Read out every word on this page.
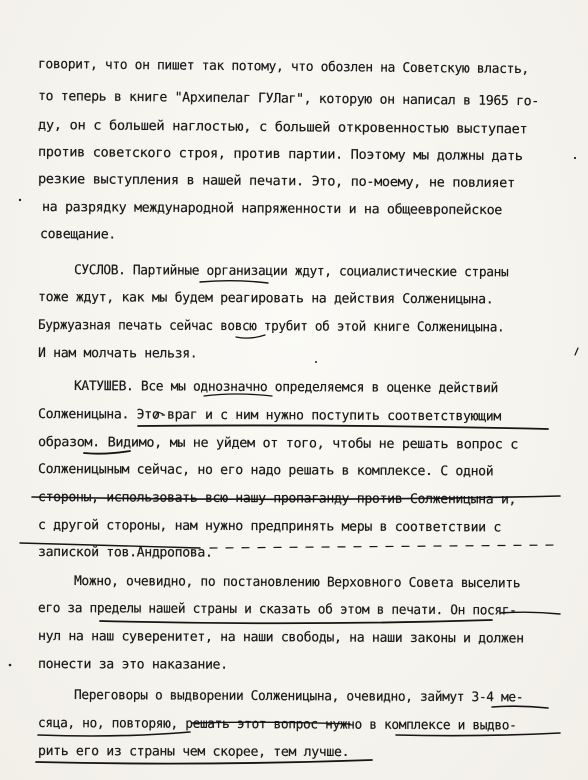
говорит, что он пишет так потому, что обозлен на Советскую власть,
то теперь в книге "Архипелаг ГУЛаг", которую он написал в 1965 го-
ду, он с большей наглостью, с большей откровенностью выступает
против советского строя, против партии. Поэтому мы должны дать
резкие выступления в нашей печати. Это, по-моему, не повлияет
на разрядку международной напряженности и на общеевропейское
совещание.
СУСЛОВ. Партийные организации ждут, социалистические страны
тоже ждут, как мы будем реагировать на действия Солженицына.
Буржуазная печать сейчас вовсю трубит об этой книге Солженицына.
И нам молчать нельзя.
КАТУШЕВ. Все мы однозначно определяемся в оценке действий
Солженицына. Это-враг и с ним нужно поступить соответствующим
образом. Видимо, мы не уйдем от того, чтобы не решать вопрос с
Солженицыным сейчас, но его надо решать в комплексе. С одной
стороны, использовать всю нашу пропаганду против Солженицына и,
с другой стороны, нам нужно предпринять меры в соответствии с
запиской тов.Андропова.
Можно, очевидно, по постановлению Верховного Совета выселить
его за пределы нашей страны и сказать об этом в печати. Он посяг-
нул на наш суверенитет, на наши свободы, на наши законы и должен
понести за это наказание.
Переговоры о выдворении Солженицына, очевидно, займут 3-4 ме-
сяца, но, повторяю, решать этот вопрос нужно в комплексе и выдво-
рить его из страны чем скорее, тем лучше.
